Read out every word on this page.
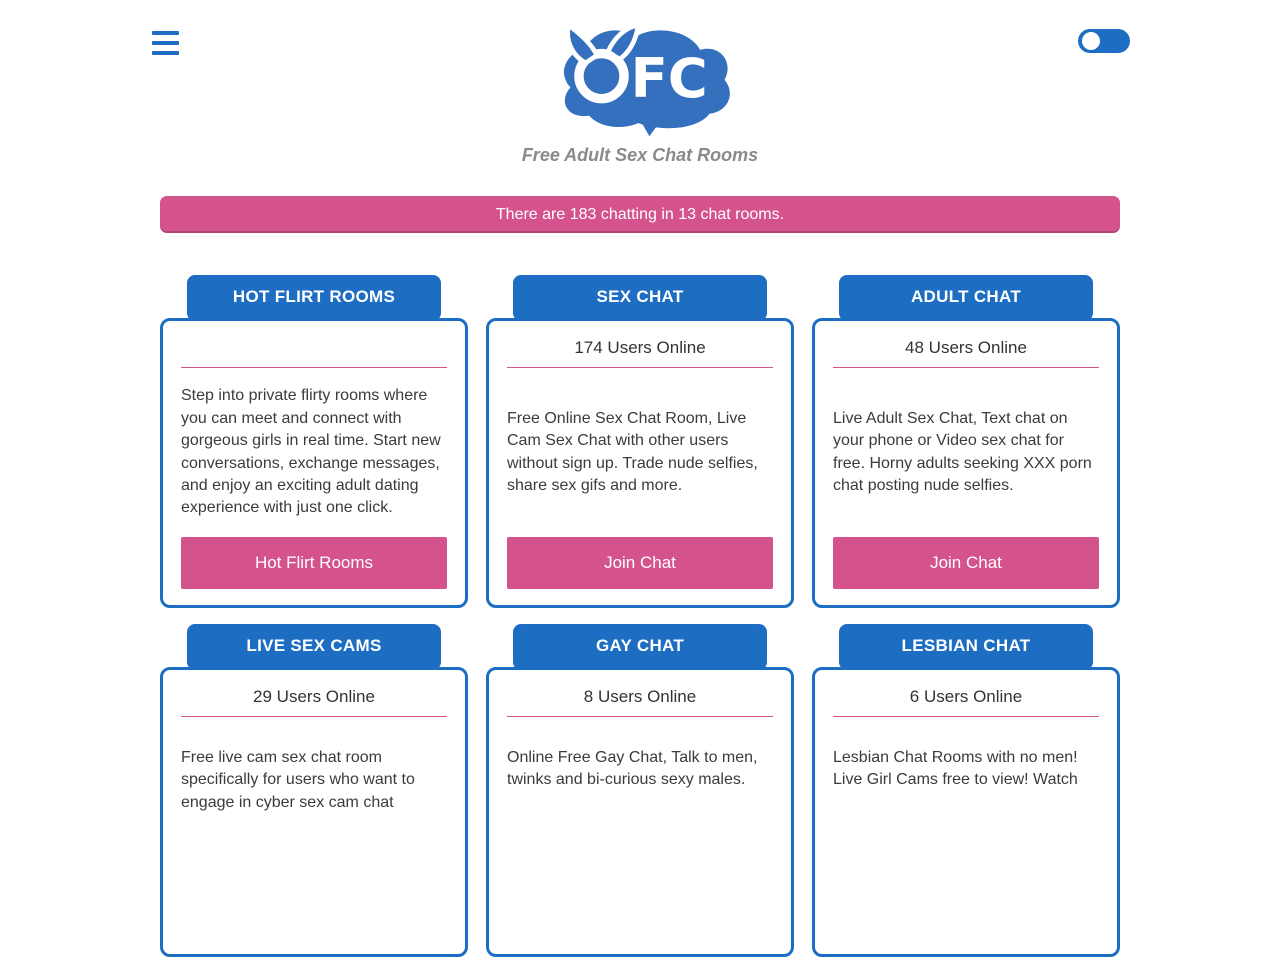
FC
Free Adult Sex Chat Rooms
There are 183 chatting in 13 chat rooms.
HOT FLIRT ROOMS
Step into private flirty rooms where you can meet and connect with gorgeous girls in real time. Start new conversations, exchange messages, and enjoy an exciting adult dating experience with just one click.
Hot Flirt Rooms
SEX CHAT
174 Users Online
Free Online Sex Chat Room, Live Cam Sex Chat with other users without sign up. Trade nude selfies, share sex gifs and more.
Join Chat
ADULT CHAT
48 Users Online
Live Adult Sex Chat, Text chat on your phone or Video sex chat for free. Horny adults seeking XXX porn chat posting nude selfies.
Join Chat
LIVE SEX CAMS
29 Users Online
Free live cam sex chat room specifically for users who want to engage in cyber sex cam chat
GAY CHAT
8 Users Online
Online Free Gay Chat, Talk to men, twinks and bi-curious sexy males.
LESBIAN CHAT
6 Users Online
Lesbian Chat Rooms with no men! Live Girl Cams free to view! Watch
